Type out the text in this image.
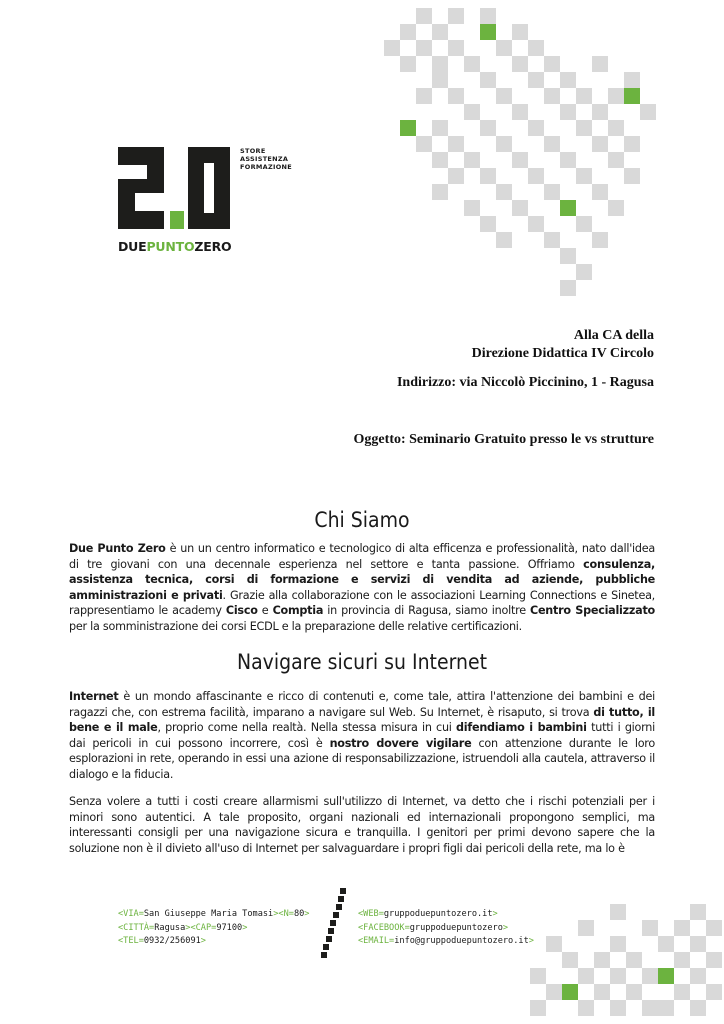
STORE
ASSISTENZA
FORMAZIONE
DUEPUNTOZERO
Alla CA della
Direzione Didattica IV Circolo
Indirizzo: via Niccolò Piccinino, 1 - Ragusa
Oggetto: Seminario Gratuito presso le vs strutture
Chi Siamo

Due Punto Zero è un un centro informatico e tecnologico di alta efficenza e professionalità, nato dall'idea di tre giovani con una decennale esperienza nel settore e tanta passione. Offriamo consulenza, assistenza tecnica, corsi di formazione e servizi di vendita ad aziende, pubbliche amministrazioni e privati. Grazie alla collaborazione con le associazioni Learning Connections e Sinetea, rappresentiamo le academy Cisco e Comptia in provincia di Ragusa, siamo inoltre Centro Specializzato per la somministrazione dei corsi ECDL e la preparazione delle relative certificazioni.

Navigare sicuri su Internet

Internet è un mondo affascinante e ricco di contenuti e, come tale, attira l'attenzione dei bambini e dei ragazzi che, con estrema facilità, imparano a navigare sul Web. Su Internet, è risaputo, si trova di tutto, il bene e il male, proprio come nella realtà. Nella stessa misura in cui difendiamo i bambini tutti i giorni dai pericoli in cui possono incorrere, così è nostro dovere vigilare con attenzione durante le loro esplorazioni in rete, operando in essi una azione di responsabilizzazione, istruendoli alla cautela, attraverso il dialogo e la fiducia.

Senza volere a tutti i costi creare allarmismi sull'utilizzo di Internet, va detto che i rischi potenziali per i minori sono autentici. A tale proposito, organi nazionali ed internazionali propongono semplici, ma interessanti consigli per una navigazione sicura e tranquilla. I genitori per primi devono sapere che la soluzione non è il divieto all'uso di Internet per salvaguardare i propri figli dai pericoli della rete, ma lo è

<VIA=San Giuseppe Maria Tomasi><N=80>
<CITTÀ=Ragusa><CAP=97100>
<TEL=0932/256091>
<WEB=gruppoduepuntozero.it>
<FACEBOOK=gruppoduepuntozero>
<EMAIL=info@gruppoduepuntozero.it>
